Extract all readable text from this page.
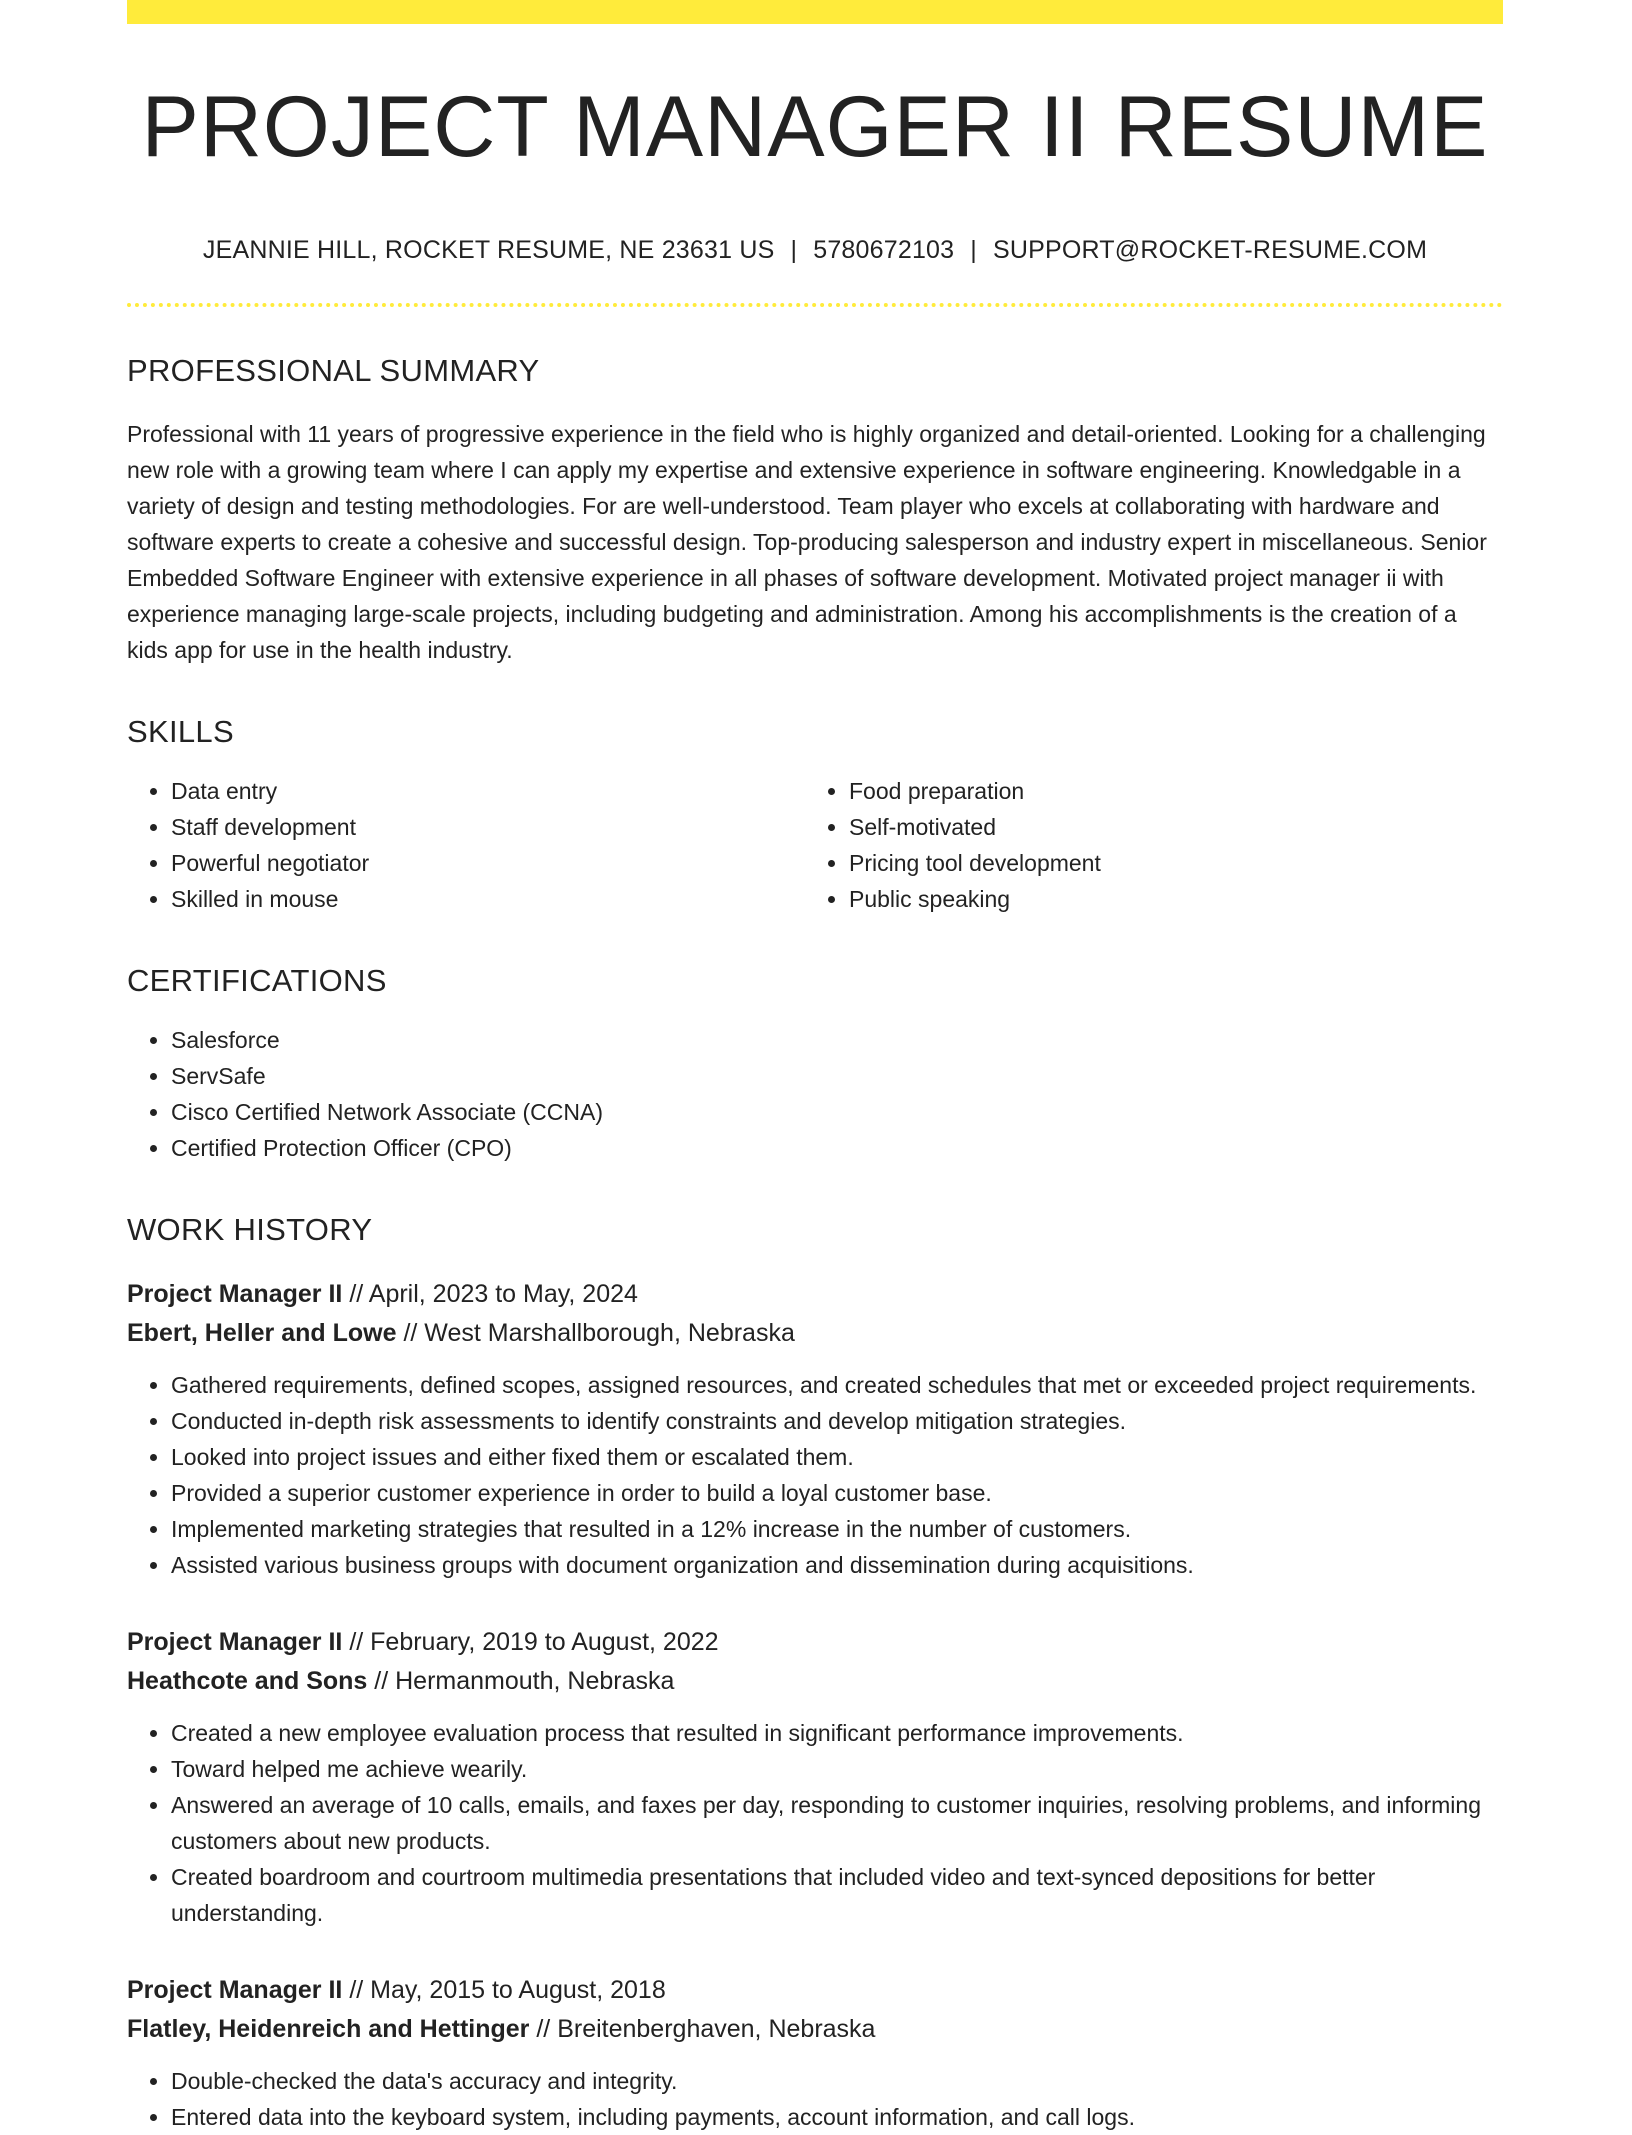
PROJECT MANAGER II RESUME
JEANNIE HILL, ROCKET RESUME, NE 23631 US | 5780672103 | SUPPORT@ROCKET-RESUME.COM
PROFESSIONAL SUMMARY

Professional with 11 years of progressive experience in the field who is highly organized and detail-oriented. Looking for a challenging new role with a growing team where I can apply my expertise and extensive experience in software engineering. Knowledgable in a variety of design and testing methodologies. For are well-understood. Team player who excels at collaborating with hardware and software experts to create a cohesive and successful design. Top-producing salesperson and industry expert in miscellaneous. Senior Embedded Software Engineer with extensive experience in all phases of software development. Motivated project manager ii with experience managing large-scale projects, including budgeting and administration. Among his accomplishments is the creation of a kids app for use in the health industry.

SKILLS
• Data entry
• Staff development
• Powerful negotiator
• Skilled in mouse
• Food preparation
• Self-motivated
• Pricing tool development
• Public speaking
CERTIFICATIONS
• Salesforce
• ServSafe
• Cisco Certified Network Associate (CCNA)
• Certified Protection Officer (CPO)
WORK HISTORY
Project Manager II // April, 2023 to May, 2024
Ebert, Heller and Lowe // West Marshallborough, Nebraska
• Gathered requirements, defined scopes, assigned resources, and created schedules that met or exceeded project requirements.
• Conducted in-depth risk assessments to identify constraints and develop mitigation strategies.
• Looked into project issues and either fixed them or escalated them.
• Provided a superior customer experience in order to build a loyal customer base.
• Implemented marketing strategies that resulted in a 12% increase in the number of customers.
• Assisted various business groups with document organization and dissemination during acquisitions.
Project Manager II // February, 2019 to August, 2022
Heathcote and Sons // Hermanmouth, Nebraska
• Created a new employee evaluation process that resulted in significant performance improvements.
• Toward helped me achieve wearily.
• Answered an average of 10 calls, emails, and faxes per day, responding to customer inquiries, resolving problems, and informing customers about new products.
• Created boardroom and courtroom multimedia presentations that included video and text-synced depositions for better understanding.
Project Manager II // May, 2015 to August, 2018
Flatley, Heidenreich and Hettinger // Breitenberghaven, Nebraska
• Double-checked the data's accuracy and integrity.
• Entered data into the keyboard system, including payments, account information, and call logs.
